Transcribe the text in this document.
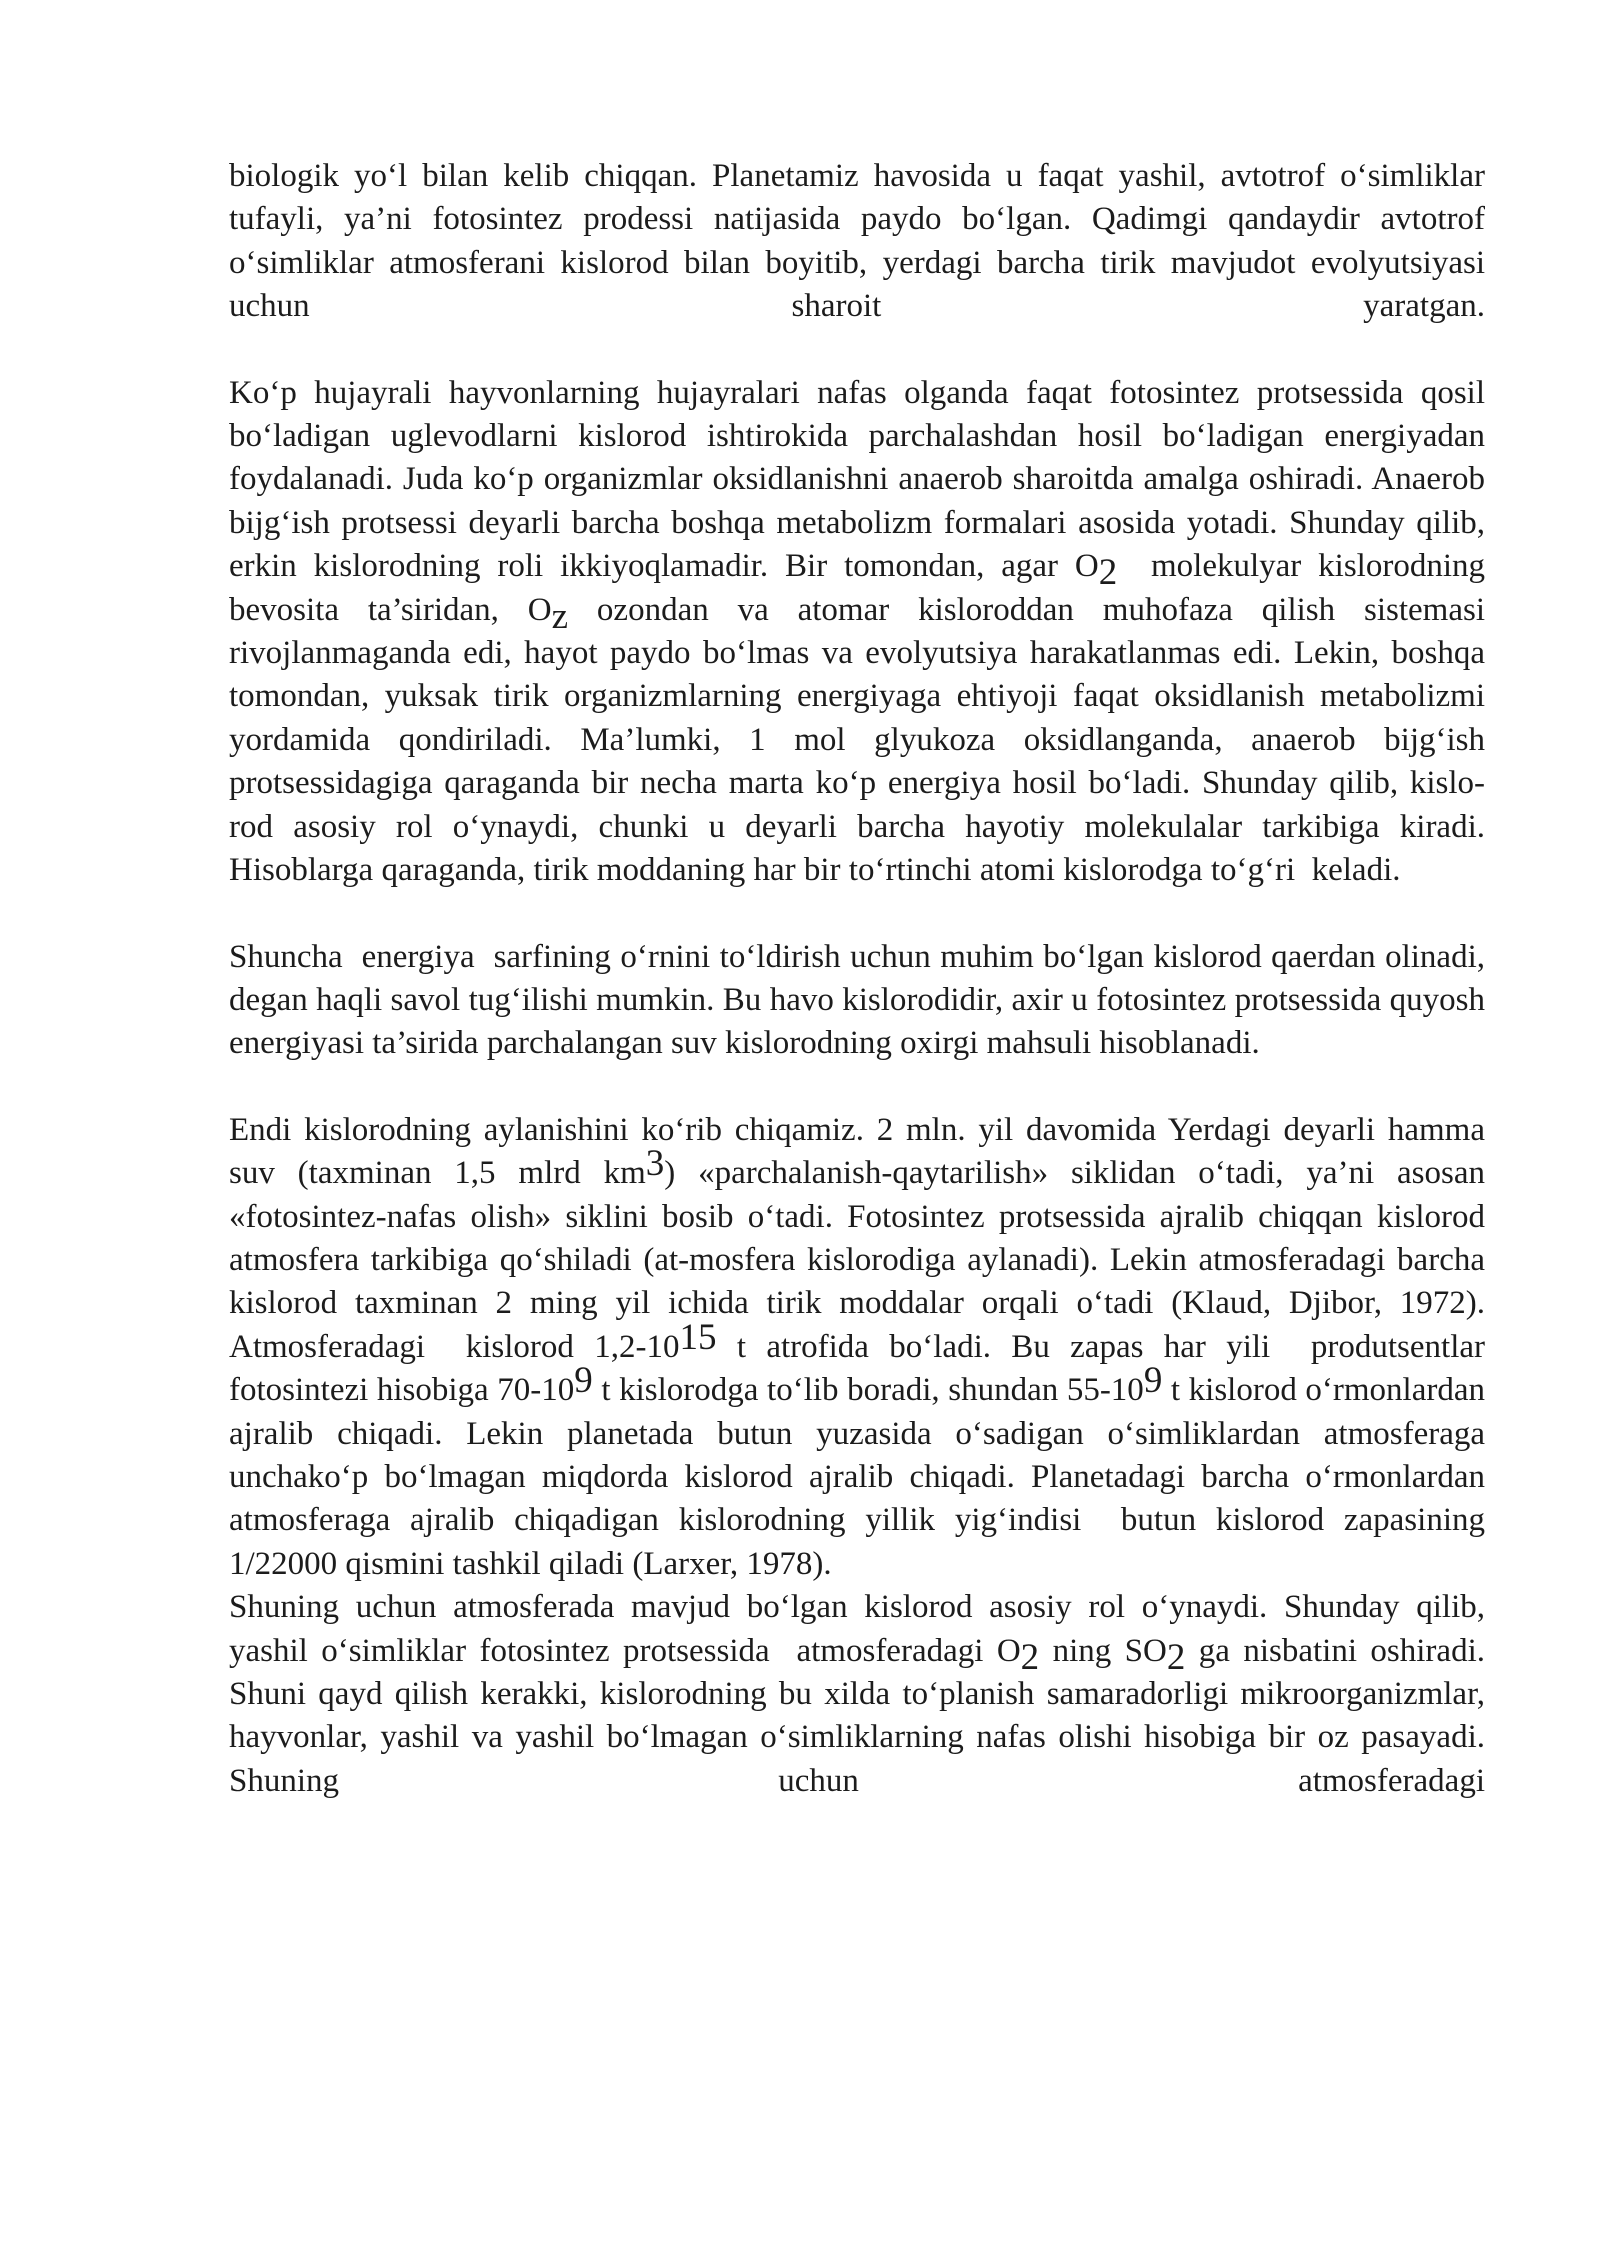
biologik yo‘l bilan kelib chiqqan. Planetamiz havosida u faqat yashil, avtotrof o‘simliklar tufayli, ya’ni fotosintez prodessi natijasida paydo bo‘lgan. Qadimgi qandaydir avtotrof o‘simliklar atmosferani kislorod bilan boyitib, yerdagi barcha tirik mavjudot evolyutsiyasi uchun sharoit yaratgan.

Ko‘p hujayrali hayvonlarning hujayralari nafas olganda faqat fotosintez protsessida qosil bo‘ladigan uglevodlarni kislorod ishtirokida parchalashdan hosil bo‘ladigan energiyadan foydalanadi. Juda ko‘p organizmlar oksidlanishni anaerob sharoitda amalga oshiradi. Anaerob bijg‘ish protsessi deyarli barcha boshqa metabolizm formalari asosida yotadi. Shunday qilib, erkin kislorodning roli ikkiyoqlamadir. Bir tomondan, agar O2  molekulyar kislorodning bevosita ta’siridan, Oz ozondan va atomar kisloroddan muhofaza qilish sistemasi rivojlanmaganda edi, hayot paydo bo‘lmas va evolyutsiya harakatlanmas edi. Lekin, boshqa tomondan, yuksak tirik organizmlarning energiyaga ehtiyoji faqat oksidlanish metabolizmi yordamida qondiriladi. Ma’lumki, 1 mol glyukoza oksidlanganda, anaerob bijg‘ish protsessidagiga qaraganda bir necha marta ko‘p energiya hosil bo‘ladi. Shunday qilib, kislo-rod asosiy rol o‘ynaydi, chunki u deyarli barcha hayotiy molekulalar tarkibiga kiradi. Hisoblarga qaraganda, tirik moddaning har bir to‘rtinchi atomi kislorodga to‘g‘ri  keladi.

Shuncha  energiya  sarfining o‘rnini to‘ldirish uchun muhim bo‘lgan kislorod qaerdan olinadi, degan haqli savol tug‘ilishi mumkin. Bu havo kislorodidir, axir u fotosintez protsessida quyosh energiyasi ta’sirida parchalangan suv kislorodning oxirgi mahsuli hisoblanadi.

Endi kislorodning aylanishini ko‘rib chiqamiz. 2 mln. yil davomida Yerdagi deyarli hamma suv (taxminan 1,5 mlrd km3) «parchalanish-qaytarilish» siklidan o‘tadi, ya’ni asosan «fotosintez-nafas olish» siklini bosib o‘tadi. Fotosintez protsessida ajralib chiqqan kislorod atmosfera tarkibiga qo‘shiladi (at-mosfera kislorodiga aylanadi). Lekin atmosferadagi barcha kislorod taxminan 2 ming yil ichida tirik moddalar orqali o‘tadi (Klaud, Djibor, 1972). Atmosferadagi  kislorod 1,2-1015 t atrofida bo‘ladi. Bu zapas har yili  produtsentlar fotosintezi hisobiga 70-109 t kislorodga to‘lib boradi, shundan 55-109 t kislorod o‘rmonlardan ajralib chiqadi. Lekin planetada butun yuzasida o‘sadigan o‘simliklardan atmosferaga unchako‘p bo‘lmagan miqdorda kislorod ajralib chiqadi. Planetadagi barcha o‘rmonlardan atmosferaga ajralib chiqadigan kislorodning yillik yig‘indisi  butun kislorod zapasining 1/22000 qismini tashkil qiladi (Larxer, 1978).

Shuning uchun atmosferada mavjud bo‘lgan kislorod asosiy rol o‘ynaydi. Shunday qilib, yashil o‘simliklar fotosintez protsessida  atmosferadagi O2 ning SO2 ga nisbatini oshiradi. Shuni qayd qilish kerakki, kislorodning bu xilda to‘planish samaradorligi mikroorganizmlar, hayvonlar, yashil va yashil bo‘lmagan o‘simliklarning nafas olishi hisobiga bir oz pasayadi. Shuning uchun atmosferadagi
